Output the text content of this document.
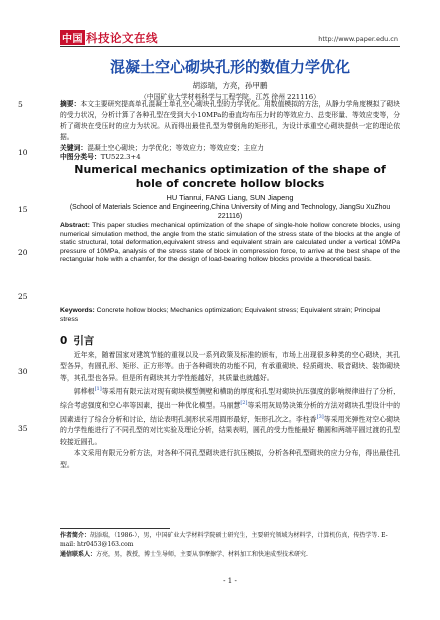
中国 科技论文在线	http://www.paper.edu.cn
5
10
15
20
25
30
35
混凝土空心砌块孔形的数值力学优化
胡添瑞，方亮，孙甲鹏
（中国矿业大学材料科学与工程学院，江苏 徐州 221116）
摘要：本文主要研究提高单孔混凝土单孔空心砌块孔型的力学优化。用数值模拟的方法，从静力学角度模拟了砌块的受力状况，分析计算了各种孔型在受到大小10MPa的垂直均布压力时的等效应力、总变形量、等效应变等，分析了砌块在受压时的应力为状况。从而得出最佳孔型为带倒角的矩形孔，为设计承重空心砌块提供一定的理论依据。
关键词：混凝土空心砌块；力学优化；等效应力；等效应变；主应力
中图分类号：TU522.3+4
Numerical mechanics optimization of the shape of hole of concrete hollow blocks
HU Tianrui, FANG Liang, SUN Jiapeng
(School of Materials Science and Engineering,China University of Ming and Technology, JiangSu XuZhou 221116)
Abstract: This paper studies mechanical optimization of the shape of single-hole hollow concrete blocks, using numerical simulation method, the angle from the static simulation of the stress state of the blocks at the angle of static structural, total deformation,equivalent stress and equivalent strain are calculated under a vertical 10MPa pressure of 10MPa, analysis of the stress state of block in compression force, to arrive at the best shape of the rectangular hole with a chamfer, for the design of load-bearing hollow blocks provide a theoretical basis.
Keywords: Concrete hollow blocks; Mechanics optimization; Equivalent stress; Equivalent strain; Principal stress
0 引言

近年来，随着国家对建筑节能的重视以及一系列政策及标准的颁布，市场上出现很多种类的空心砌块，其孔型各异，有圆孔形、矩形、正方形等。由于各种砌块的功能不同，有承重砌块、轻质砌块、吸音砌块、装饰砌块等，其孔型也各异。但是所有砌块其力学性能越好，其质量也就越好。

郭桦根[1]等采用有限元法对现有砌块模型侧壁和横助的厚度和孔型对砌块抗压强度的影响规律进行了分析，综合考虑强度和空心率等因素，提出一种优化模型。马丽慧[2]等采用灰局势决策分析的方法对砌块孔型设计中的因素进行了综合分析和讨论，结论表明孔洞形状采用圆形最好，矩形孔次之。李柱香[3]等采用光弹性对空心砌块的力学性能进行了不同孔型的对比实验及理论分析，结果表明，圆孔的受力性能最好 椭圆和两端平圆过渡的孔型较接近圆孔。

本文采用有限元分析方法，对各种不同孔型砌块进行抗压模拟，分析各种孔型砌块的应力分布，得出最佳孔型。

作者简介：胡添瑞，（1986-），男，中国矿业大学材料学院硕士研究生，主要研究领域为材料学，计算机仿真，传热学等. E-mail: htr0453@163.com
通信联系人：方亮，男，教授，博士生导师，主要从事摩擦学、材料加工和快速成型技术研究.
- 1 -
